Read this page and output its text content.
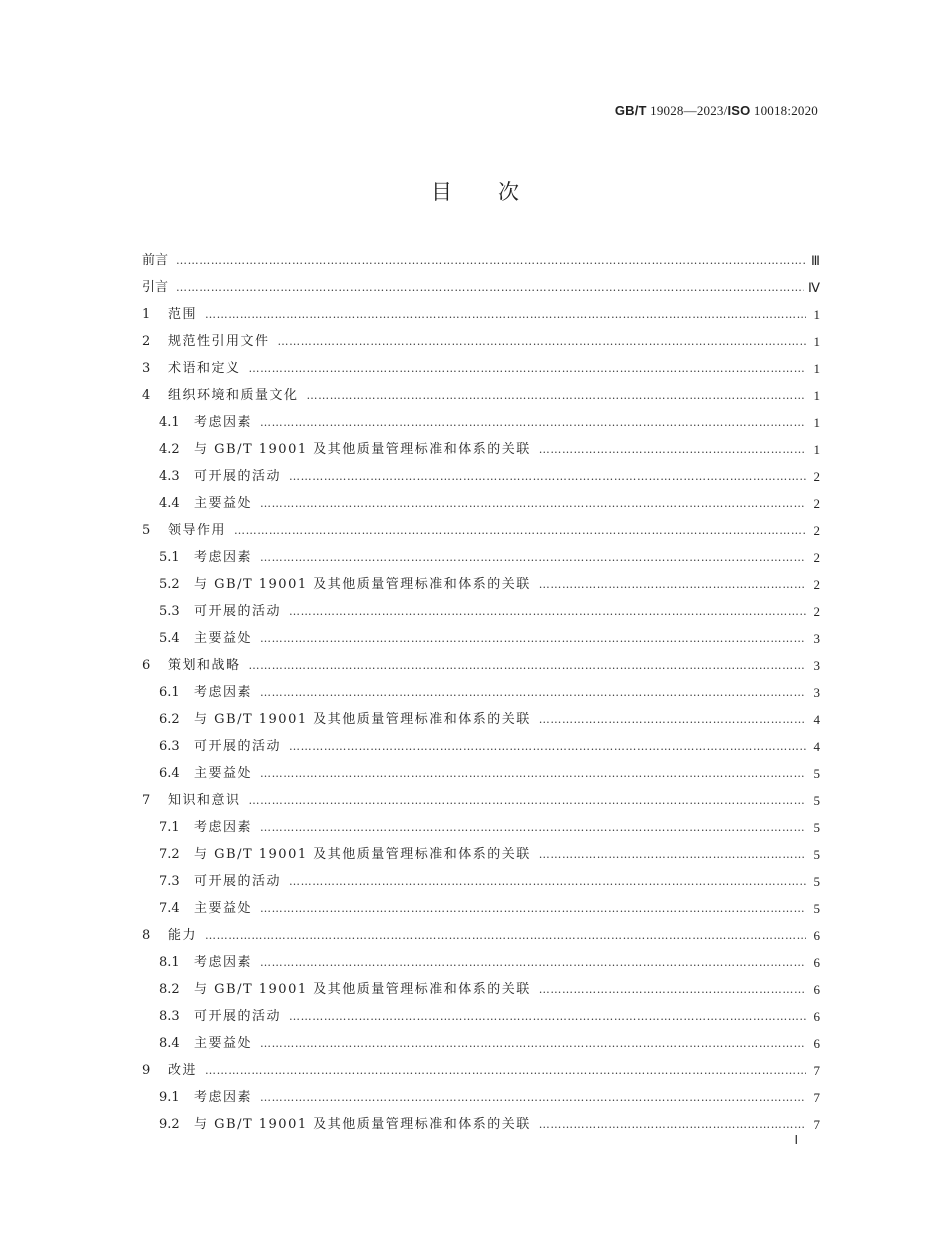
GB/T 19028—2023/ISO 10018:2020
目次
前言 ………………………………………………………………………………………………………………………………………………………………………………	Ⅲ
引言 ………………………………………………………………………………………………………………………………………………………………………………	Ⅳ
1	范围 ………………………………………………………………………………………………………………………………………………………………………………	1
2	规范性引用文件 ………………………………………………………………………………………………………………………………………………………………………………	1
3	术语和定义 ………………………………………………………………………………………………………………………………………………………………………………	1
4	组织环境和质量文化 ………………………………………………………………………………………………………………………………………………………………………………	1
4.1	考虑因素 ………………………………………………………………………………………………………………………………………………………………………………	1
4.2	与 GB/T 19001 及其他质量管理标准和体系的关联 ………………………………………………………………………………………………………………………………………………………………………………	1
4.3	可开展的活动 ………………………………………………………………………………………………………………………………………………………………………………	2
4.4	主要益处 ………………………………………………………………………………………………………………………………………………………………………………	2
5	领导作用 ………………………………………………………………………………………………………………………………………………………………………………	2
5.1	考虑因素 ………………………………………………………………………………………………………………………………………………………………………………	2
5.2	与 GB/T 19001 及其他质量管理标准和体系的关联 ………………………………………………………………………………………………………………………………………………………………………………	2
5.3	可开展的活动 ………………………………………………………………………………………………………………………………………………………………………………	2
5.4	主要益处 ………………………………………………………………………………………………………………………………………………………………………………	3
6	策划和战略 ………………………………………………………………………………………………………………………………………………………………………………	3
6.1	考虑因素 ………………………………………………………………………………………………………………………………………………………………………………	3
6.2	与 GB/T 19001 及其他质量管理标准和体系的关联 ………………………………………………………………………………………………………………………………………………………………………………	4
6.3	可开展的活动 ………………………………………………………………………………………………………………………………………………………………………………	4
6.4	主要益处 ………………………………………………………………………………………………………………………………………………………………………………	5
7	知识和意识 ………………………………………………………………………………………………………………………………………………………………………………	5
7.1	考虑因素 ………………………………………………………………………………………………………………………………………………………………………………	5
7.2	与 GB/T 19001 及其他质量管理标准和体系的关联 ………………………………………………………………………………………………………………………………………………………………………………	5
7.3	可开展的活动 ………………………………………………………………………………………………………………………………………………………………………………	5
7.4	主要益处 ………………………………………………………………………………………………………………………………………………………………………………	5
8	能力 ………………………………………………………………………………………………………………………………………………………………………………	6
8.1	考虑因素 ………………………………………………………………………………………………………………………………………………………………………………	6
8.2	与 GB/T 19001 及其他质量管理标准和体系的关联 ………………………………………………………………………………………………………………………………………………………………………………	6
8.3	可开展的活动 ………………………………………………………………………………………………………………………………………………………………………………	6
8.4	主要益处 ………………………………………………………………………………………………………………………………………………………………………………	6
9	改进 ………………………………………………………………………………………………………………………………………………………………………………	7
9.1	考虑因素 ………………………………………………………………………………………………………………………………………………………………………………	7
9.2	与 GB/T 19001 及其他质量管理标准和体系的关联 ………………………………………………………………………………………………………………………………………………………………………………	7
Ⅰ
